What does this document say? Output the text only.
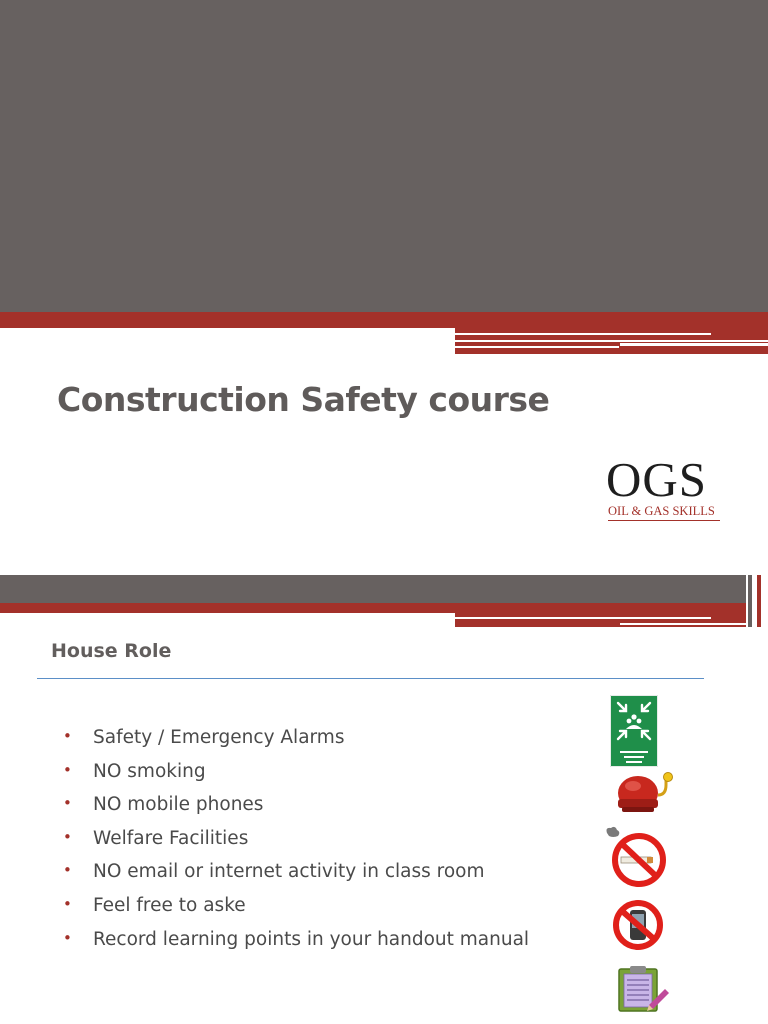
Construction Safety course
OGS
OIL & GAS SKILLS
House Role
• Safety / Emergency Alarms
• NO smoking
• NO mobile phones
• Welfare Facilities
• NO email or internet activity in class room
• Feel free to aske
• Record learning points in your handout manual
